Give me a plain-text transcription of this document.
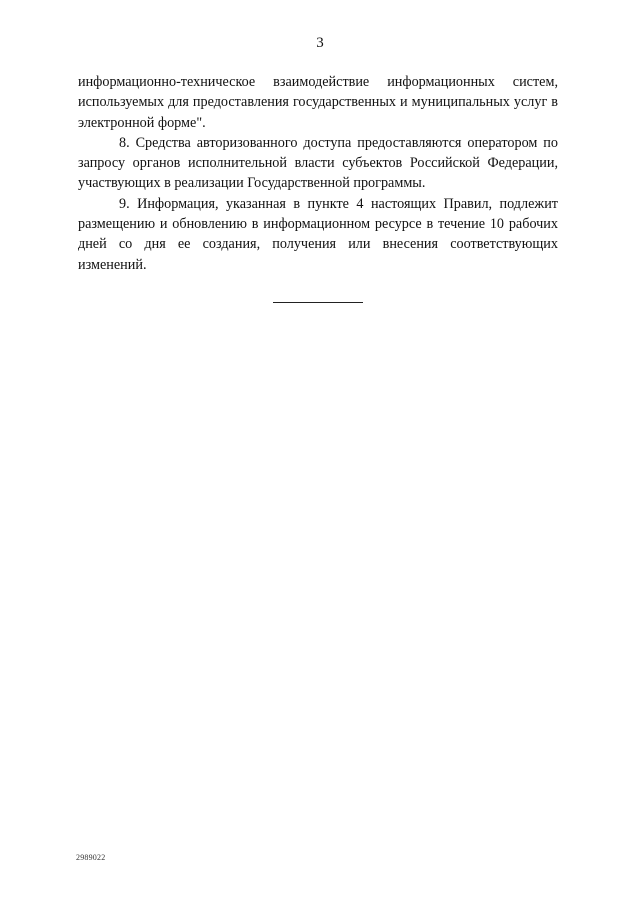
3

информационно-техническое взаимодействие информационных систем, используемых для предоставления государственных и муниципальных услуг в электронной форме".

8. Средства авторизованного доступа предоставляются оператором по запросу органов исполнительной власти субъектов Российской Федерации, участвующих в реализации Государственной программы.

9. Информация, указанная в пункте 4 настоящих Правил, подлежит размещению и обновлению в информационном ресурсе в течение 10 рабочих дней со дня ее создания, получения или внесения соответствующих изменений.

2989022
